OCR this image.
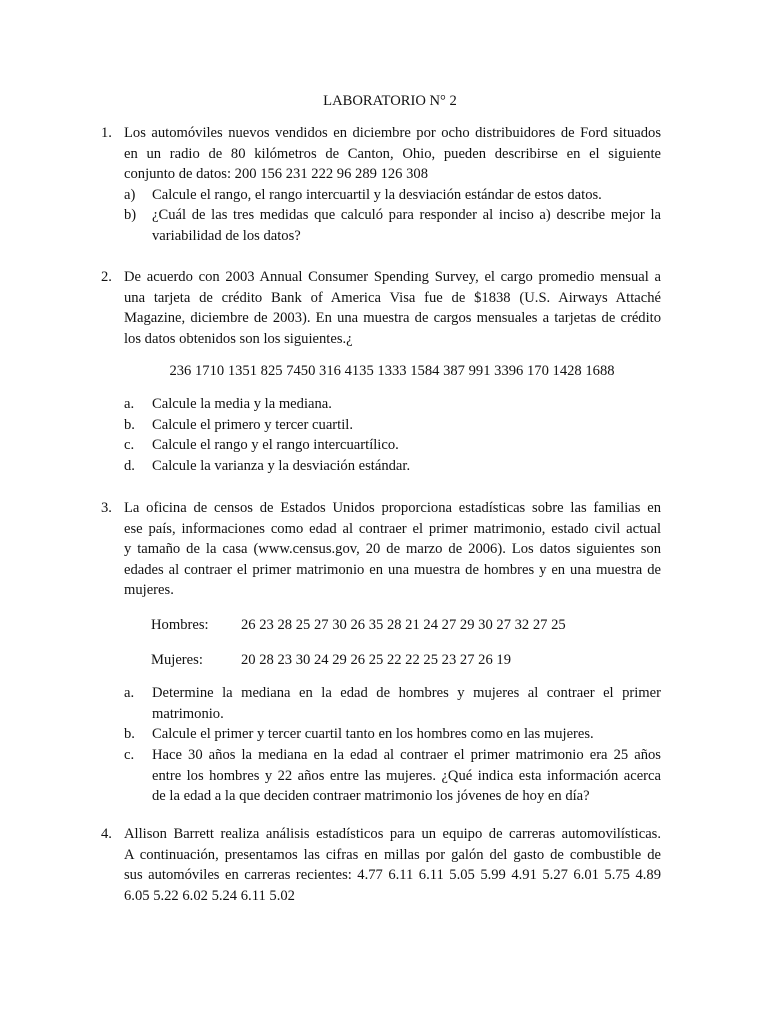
LABORATORIO N° 2
1. Los automóviles nuevos vendidos en diciembre por ocho distribuidores de Ford situados
en un radio de 80 kilómetros de Canton, Ohio, pueden describirse en el siguiente
conjunto de datos: 200 156 231 222 96 289 126 308
a) Calcule el rango, el rango intercuartil y la desviación estándar de estos datos.
b) ¿Cuál de las tres medidas que calculó para responder al inciso a) describe mejor la
variabilidad de los datos?
2. De acuerdo con 2003 Annual Consumer Spending Survey, el cargo promedio mensual a
una tarjeta de crédito Bank of America Visa fue de $1838 (U.S. Airways Attaché
Magazine, diciembre de 2003). En una muestra de cargos mensuales a tarjetas de crédito
los datos obtenidos son los siguientes.¿
236 1710 1351 825 7450 316 4135 1333 1584 387 991 3396 170 1428 1688
a. Calcule la media y la mediana.
b. Calcule el primero y tercer cuartil.
c. Calcule el rango y el rango intercuartílico.
d. Calcule la varianza y la desviación estándar.
3. La oficina de censos de Estados Unidos proporciona estadísticas sobre las familias en
ese país, informaciones como edad al contraer el primer matrimonio, estado civil actual
y tamaño de la casa (www.census.gov, 20 de marzo de 2006). Los datos siguientes son
edades al contraer el primer matrimonio en una muestra de hombres y en una muestra de
mujeres.
Hombres: 26 23 28 25 27 30 26 35 28 21 24 27 29 30 27 32 27 25
Mujeres:	20 28 23 30 24 29 26 25 22 22 25 23 27 26 19
a. Determine la mediana en la edad de hombres y mujeres al contraer el primer
matrimonio.
b. Calcule el primer y tercer cuartil tanto en los hombres como en las mujeres.
c. Hace 30 años la mediana en la edad al contraer el primer matrimonio era 25 años
entre los hombres y 22 años entre las mujeres. ¿Qué indica esta información acerca
de la edad a la que deciden contraer matrimonio los jóvenes de hoy en día?
4. Allison Barrett realiza análisis estadísticos para un equipo de carreras automovilísticas.
A continuación, presentamos las cifras en millas por galón del gasto de combustible de
sus automóviles en carreras recientes: 4.77 6.11 6.11 5.05 5.99 4.91 5.27 6.01 5.75 4.89
6.05 5.22 6.02 5.24 6.11 5.02
